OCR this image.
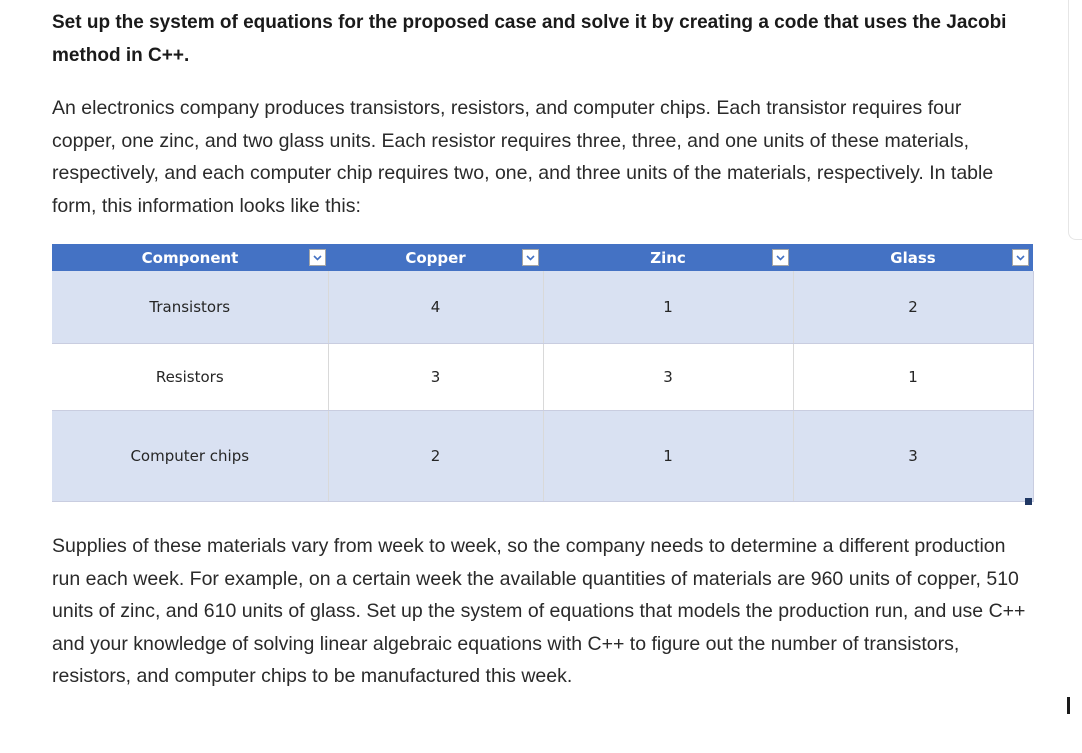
Set up the system of equations for the proposed case and solve it by creating a code that uses the Jacobi method in C++.

An electronics company produces transistors, resistors, and computer chips. Each transistor requires four copper, one zinc, and two glass units. Each resistor requires three, three, and one units of these materials, respectively, and each computer chip requires two, one, and three units of the materials, respectively. In table form, this information looks like this:

Component	Copper	Zinc	Glass

Transistors	4	1	2
Resistors	3	3	1
Computer chips	2	1	3

Supplies of these materials vary from week to week, so the company needs to determine a different production run each week. For example, on a certain week the available quantities of materials are 960 units of copper, 510 units of zinc, and 610 units of glass. Set up the system of equations that models the production run, and use C++ and your knowledge of solving linear algebraic equations with C++ to figure out the number of transistors, resistors, and computer chips to be manufactured this week.
